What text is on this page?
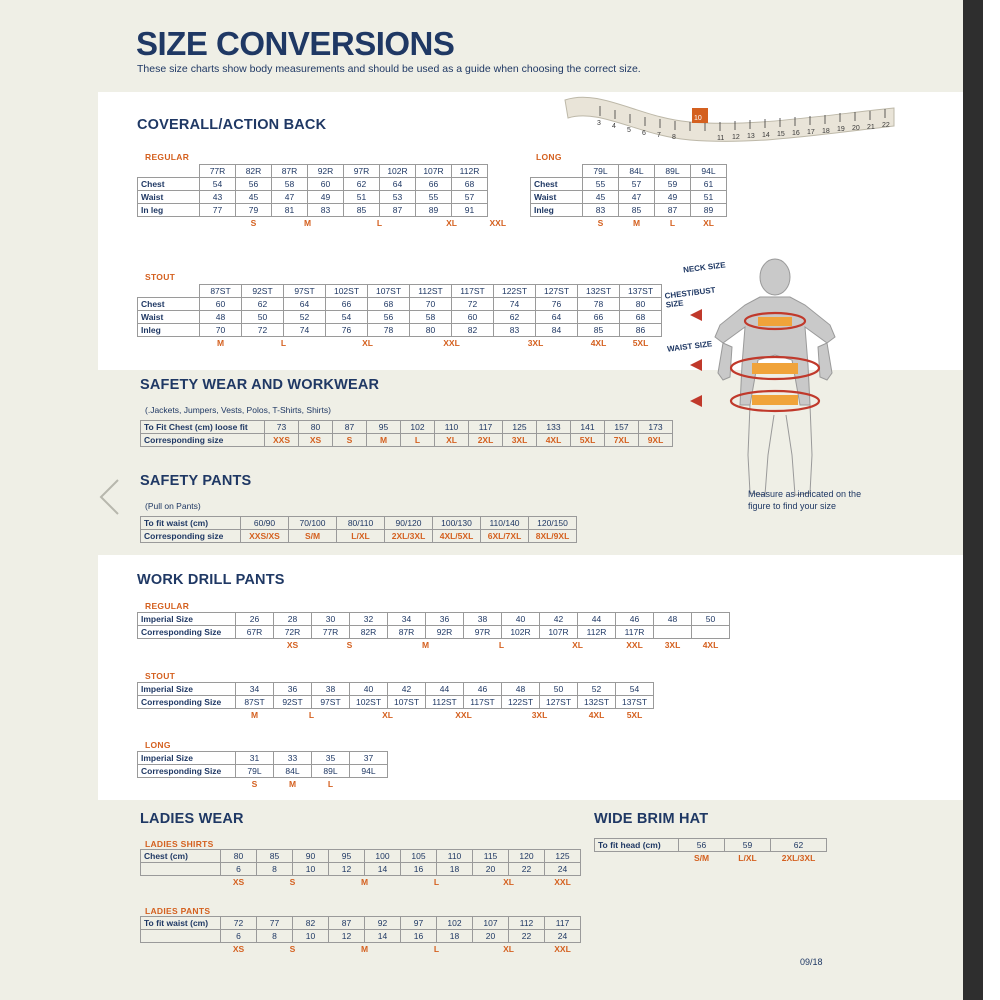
SIZE CONVERSIONS
These size charts show body measurements and should be used as a guide when choosing the correct size.
3 4
5 6 7 8
10
11 12 13 14 15 16 17 18 19 20 21 22
COVERALL/ACTION BACK
REGULAR
	77R	82R	87R	92R	97R	102R	107R	112R	
Chest	54	56	58	60	62	64	66	68	
Waist	43	45	47	49	51	53	55	57	
In leg	77	79	81	83	85	87	89	91	
		S	M		L		XL		XXL
LONG
	79L	84L	89L	94L
Chest	55	57	59	61
Waist	45	47	49	51
Inleg	83	85	87	89
	S	M	L	XL
STOUT
	87ST	92ST	97ST	102ST	107ST	112ST	117ST	122ST	127ST	132ST	137ST
Chest	60	62	64	66	68	70	72	74	76	78	80
Waist	48	50	52	54	56	58	60	62	64	66	68
Inleg	70	72	74	76	78	80	82	83	84	85	86
	M	L		XL		XXL		3XL		4XL	5XL
SAFETY WEAR AND WORKWEAR
(.Jackets, Jumpers, Vests, Polos, T-Shirts, Shirts)
To Fit Chest (cm) loose fit	73	80	87	95	102	110	117	125	133	141	157	173
Corresponding size	XXS	XS	S	M	L	XL	2XL	3XL	4XL	5XL	7XL	9XL
SAFETY PANTS
(Pull on Pants)
To fit waist (cm)	60/90	70/100	80/110	90/120	100/130	110/140	120/150
Corresponding size	XXS/XS	S/M	L/XL	2XL/3XL	4XL/5XL	6XL/7XL	8XL/9XL
WORK DRILL PANTS
REGULAR
Imperial Size	26	28	30	32	34	36	38	40	42	44	46	48	50
Corresponding Size	67R	72R	77R	82R	87R	92R	97R	102R	107R	112R	117R		
		XS	S		M		L		XL		XXL	3XL	4XL
STOUT
Imperial Size	34	36	38	40	42	44	46	48	50	52	54
Corresponding Size	87ST	92ST	97ST	102ST	107ST	112ST	117ST	122ST	127ST	132ST	137ST
	M	L		XL		XXL		3XL		4XL	5XL
LONG
Imperial Size	31	33	35	37
Corresponding Size	79L	84L	89L	94L
	S	M	L	
LADIES WEAR
LADIES SHIRTS
Chest (cm)	80	85	90	95	100	105	110	115	120	125
	6	8	10	12	14	16	18	20	22	24
	XS	S		M		L		XL		XXL
LADIES PANTS
To fit waist (cm)	72	77	82	87	92	97	102	107	112	117
	6	8	10	12	14	16	18	20	22	24
	XS	S		M		L		XL		XXL
WIDE BRIM HAT
To fit head (cm)	56	59	62
	S/M	L/XL	2XL/3XL
NECK SIZE
CHEST/BUST SIZE
WAIST SIZE
Measure as indicated on the figure to find your size
09/18
